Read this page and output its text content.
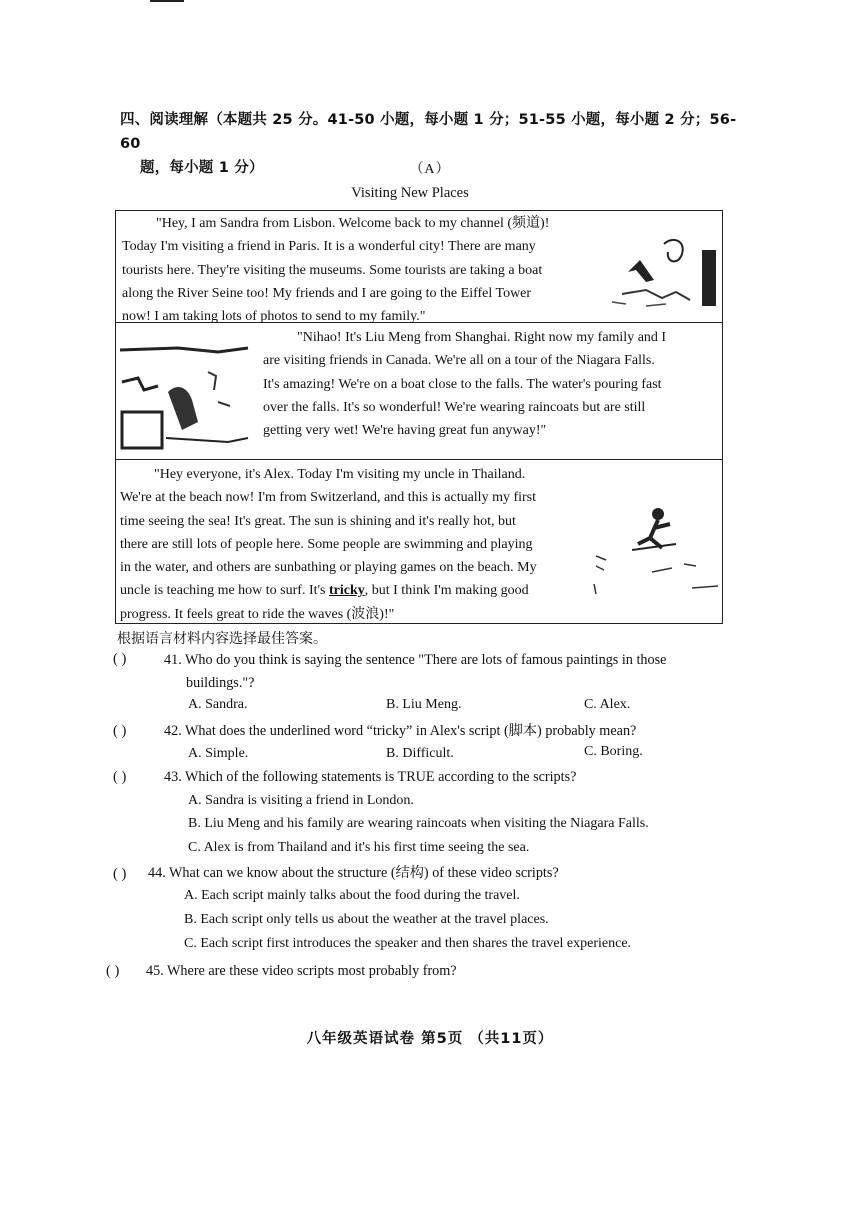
四、阅读理解（本题共 25 分。41-50 小题，每小题 1 分；51-55 小题，每小题 2 分；56-60
题，每小题 1 分）	（A）
Visiting New Places
"Hey, I am Sandra from Lisbon. Welcome back to my channel (频道)!
Today I'm visiting a friend in Paris. It is a wonderful city! There are many
tourists here. They're visiting the museums. Some tourists are taking a boat
along the River Seine too! My friends and I are going to the Eiffel Tower
now! I am taking lots of photos to send to my family."
"Nihao! It's Liu Meng from Shanghai. Right now my family and I
are visiting friends in Canada. We're all on a tour of the Niagara Falls.
It's amazing! We're on a boat close to the falls. The water's pouring fast
over the falls. It's so wonderful! We're wearing raincoats but are still
getting very wet! We're having great fun anyway!"
"Hey everyone, it's Alex. Today I'm visiting my uncle in Thailand.
We're at the beach now! I'm from Switzerland, and this is actually my first
time seeing the sea! It's great. The sun is shining and it's really hot, but
there are still lots of people here. Some people are swimming and playing
in the water, and others are sunbathing or playing games on the beach. My
uncle is teaching me how to surf. It's tricky, but I think I'm making good
progress. It feels great to ride the waves (波浪)!"
根据语言材料内容选择最佳答案。
( )	41. Who do you think is saying the sentence "There are lots of famous paintings in those
buildings."?
A. Sandra.	B. Liu Meng.	C. Alex.
( )	42. What does the underlined word “tricky” in Alex's script (脚本) probably mean?
A. Simple.	B. Difficult.	C. Boring.
( )	43. Which of the following statements is TRUE according to the scripts?
A. Sandra is visiting a friend in London.
B. Liu Meng and his family are wearing raincoats when visiting the Niagara Falls.
C. Alex is from Thailand and it's his first time seeing the sea.
( ) 44. What can we know about the structure (结构) of these video scripts?
A. Each script mainly talks about the food during the travel.
B. Each script only tells us about the weather at the travel places.
C. Each script first introduces the speaker and then shares the travel experience.
( ) 45. Where are these video scripts most probably from?
八年级英语试卷 第5页 （共11页）
